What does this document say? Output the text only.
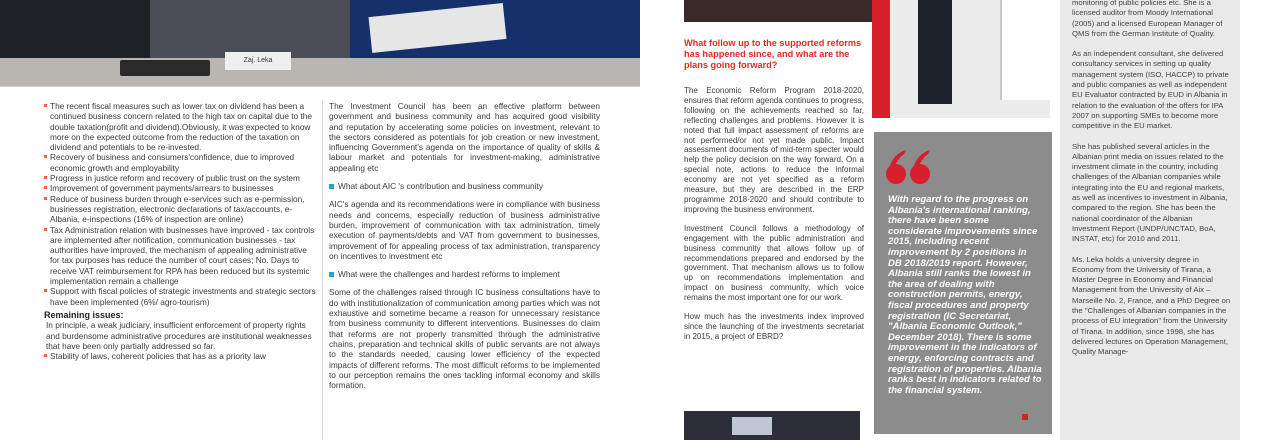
Zaj. Leka
The recent fiscal measures such as lower tax on dividend has been a continued business concern related to the high tax on capital due to the double taxation(profit and dividend).Obviously, it was expected to know more on the expected outcome from the reduction of the taxation on dividend and potentials to be re-invested.
Recovery of business and consumers'confidence, due to improved economic growth and employability
Progress in justice reform and recovery of public trust on the system
Improvement of government payments/arrears to businesses
Reduce of business burden through e-services such as e-permission, businesses registration, electronic declarations of tax/accounts, e-Albania, e-inspections (16% of inspection are online)
Tax Administration relation with businesses have improved - tax controls are implemented after notification, communication businesses - tax authorities have improved, the mechanism of appealing administrative for tax purposes has reduce the number of court cases; No. Days to receive VAT reimbursement for RPA has been reduced but its systemic implementation remain a challenge
Support with fiscal policies of strategic investments and strategic sectors have been implemented (6%/ agro-tourism)
Remaining issues:
In principle, a weak judiciary, insufficient enforcement of property rights and burdensome administrative procedures are institutional weaknesses that have been only partially addressed so far.
Stability of laws, coherent policies that has as a priority law

The Investment Council has been an effective platform between government and business community and has acquired good visibility and reputation by accelerating some policies on investment, relevant to the sectors considered as potentials for job creation or new investment, influencing Government's agenda on the importance of quality of skills & labour market and potentials for investment-making, administrative appealing etc

What about AIC 's contribution and business community

AIC's agenda and its recommendations were in compliance with business needs and concerns, especially reduction of business administrative burden, improvement of communication with tax administration, timely execution of payments/debts and VAT from government to businesses, improvement of for appealing process of tax administration, transparency on incentives to investment etc

What were the challenges and hardest reforms to implement

Some of the challenges raised through IC business consultations have to do with institutionalization of communication among parties which was not exhaustive and sometime became a reason for unnecessary resistance from business community to different interventions. Businesses do claim that reforms are not properly transmitted through the administrative chains, preparation and technical skills of public servants are not always to the standards needed, causing lower efficiency of the expected impacts of different reforms. The most difficult reforms to be implemented to our perception remains the ones tackling informal economy and skills formation.

What follow up to the supported reforms has happened since, and what are the plans going forward?

The Economic Reform Program 2018-2020, ensures that reform agenda continues to progress, following on the achievements reached so far, reflecting challenges and problems. However it is noted that full impact assessment of reforms are not performed/or not yet made public. Impact assessment documents of mid-term specter would help the policy decision on the way forward. On a special note, actions to reduce the informal economy are not yet specified as a reform measure, but they are described in the ERP programme 2018-2020 and should contribute to improving the business environment.

Investment Council follows a methodology of engagement with the public administration and business community that allows follow up of recommendations prepared and endorsed by the government. That mechanism allows us to follow up on recommendations implementation and impact on business community, which voice remains the most important one for our work.

How much has the investments index improved since the launching of the investments secretariat in 2015, a project of EBRD?

With regard to the progress on Albania's international ranking, there have been some considerate improvements since 2015, including recent improvement by 2 positions in DB 2018/2019 report. However, Albania still ranks the lowest in the area of dealing with construction permits, energy, fiscal procedures and property registration (IC Secretariat, "Albania Economic Outlook," December 2018). There is some improvement in the indicators of energy, enforcing contracts and registration of properties. Albania ranks best in indicators related to the financial system.

monitoring of public policies etc. She is a licensed auditor from Moody International (2005) and a licensed European Manager of QMS from the German Institute of Quality.

As an independent consultant, she delivered consultancy services in setting up quality management system (ISO, HACCP) to private and public companies as well as independent EU Evaluator contracted by EUD in Albania in relation to the evaluation of the offers for IPA 2007 on supporting SMEs to become more competitive in the EU market.

She has published several articles in the Albanian print media on issues related to the investment climate in the country, including challenges of the Albanian companies while integrating into the EU and regional markets, as well as incentives to investment in Albania, compared to the region. She has been the national coordinator of the Albanian Investment Report (UNDP/UNCTAD, BoA, INSTAT, etc) for 2010 and 2011.

Ms. Leka holds a university degree in Economy from the University of Tirana, a Master Degree in Economy and Financial Management from the University of Aix – Marseille No. 2, France, and a PhD Degree on the "Challenges of Albanian companies in the process of EU integration" from the University of Tirana. In addition, since 1998, she has delivered lectures on Operation Management, Quality Manage-
